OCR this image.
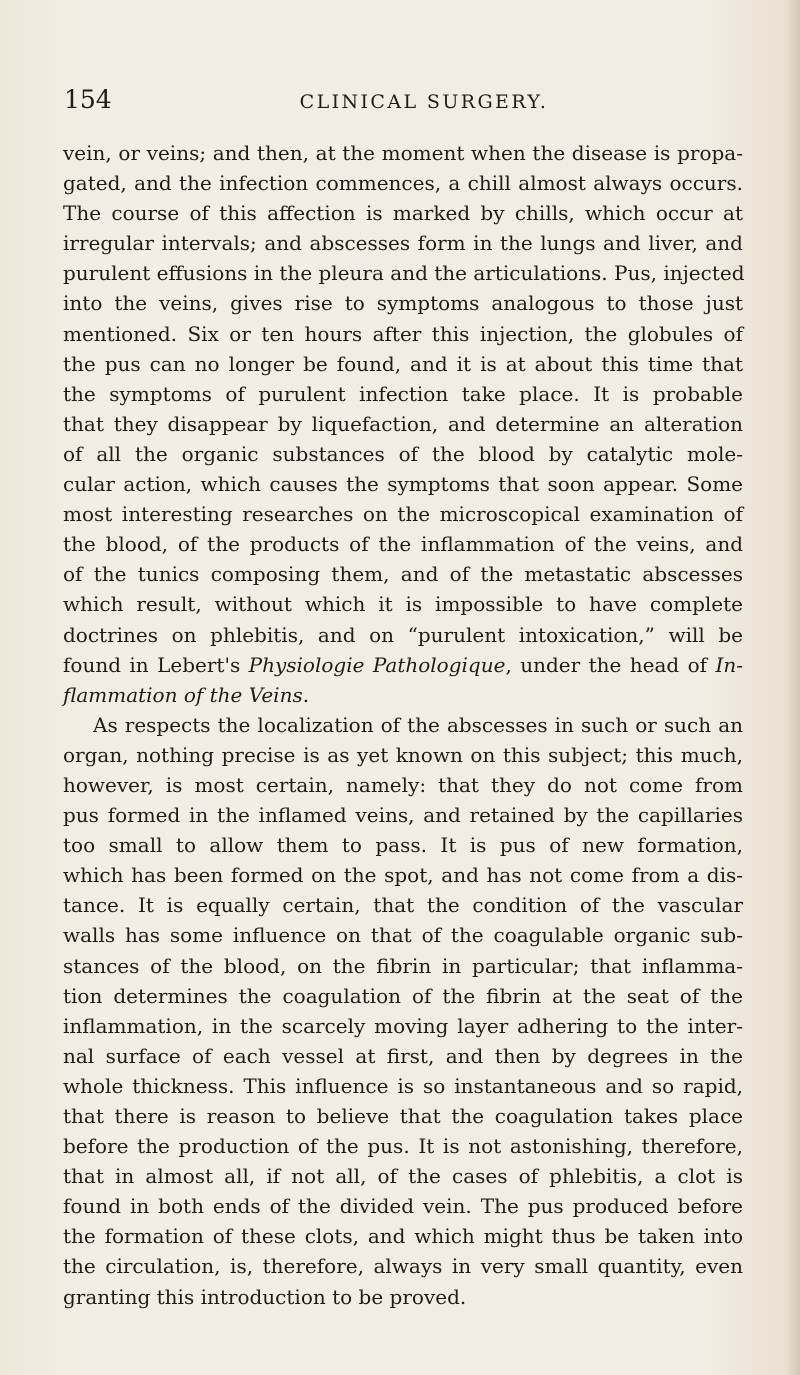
154	CLINICAL SURGERY.
vein, or veins; and then, at the moment when the disease is propa-
gated, and the infection commences, a chill almost always occurs.
The course of this affection is marked by chills, which occur at
irregular intervals; and abscesses form in the lungs and liver, and
purulent effusions in the pleura and the articulations. Pus, injected
into the veins, gives rise to symptoms analogous to those just
mentioned. Six or ten hours after this injection, the globules of
the pus can no longer be found, and it is at about this time that
the symptoms of purulent infection take place. It is probable
that they disappear by liquefaction, and determine an alteration
of all the organic substances of the blood by catalytic mole-
cular action, which causes the symptoms that soon appear. Some
most interesting researches on the microscopical examination of
the blood, of the products of the inflammation of the veins, and
of the tunics composing them, and of the metastatic abscesses
which result, without which it is impossible to have complete
doctrines on phlebitis, and on “purulent intoxication,” will be
found in Lebert's Physiologie Pathologique, under the head of In-
flammation of the Veins.
As respects the localization of the abscesses in such or such an
organ, nothing precise is as yet known on this subject; this much,
however, is most certain, namely: that they do not come from
pus formed in the inflamed veins, and retained by the capillaries
too small to allow them to pass. It is pus of new formation,
which has been formed on the spot, and has not come from a dis-
tance. It is equally certain, that the condition of the vascular
walls has some influence on that of the coagulable organic sub-
stances of the blood, on the fibrin in particular; that inflamma-
tion determines the coagulation of the fibrin at the seat of the
inflammation, in the scarcely moving layer adhering to the inter-
nal surface of each vessel at first, and then by degrees in the
whole thickness. This influence is so instantaneous and so rapid,
that there is reason to believe that the coagulation takes place
before the production of the pus. It is not astonishing, therefore,
that in almost all, if not all, of the cases of phlebitis, a clot is
found in both ends of the divided vein. The pus produced before
the formation of these clots, and which might thus be taken into
the circulation, is, therefore, always in very small quantity, even
granting this introduction to be proved.
